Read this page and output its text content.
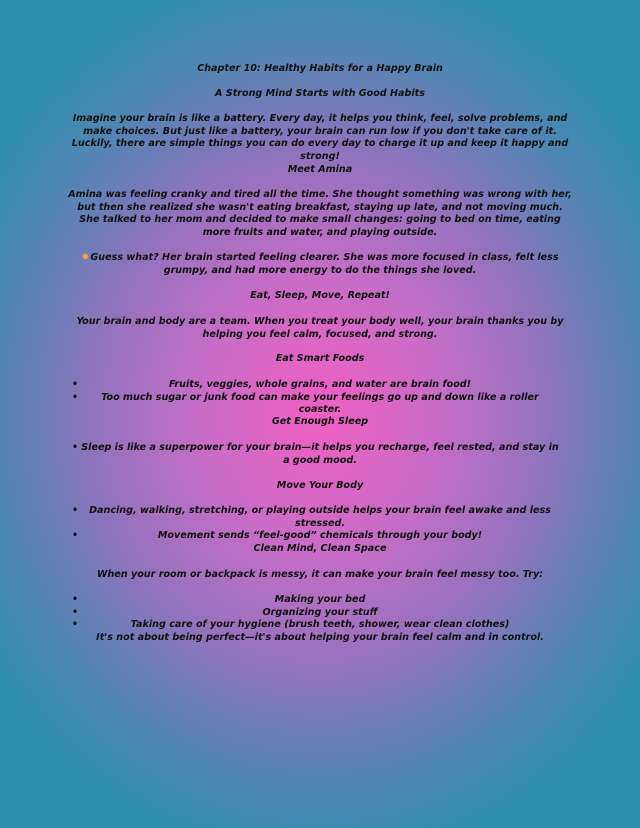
Chapter 10: Healthy Habits for a Happy Brain

A Strong Mind Starts with Good Habits

Imagine your brain is like a battery. Every day, it helps you think, feel, solve problems, and make choices. But just like a battery, your brain can run low if you don't take care of it. Luckily, there are simple things you can do every day to charge it up and keep it happy and strong!

Meet Amina

Amina was feeling cranky and tired all the time. She thought something was wrong with her, but then she realized she wasn't eating breakfast, staying up late, and not moving much. She talked to her mom and decided to make small changes: going to bed on time, eating more fruits and water, and playing outside.

✹Guess what? Her brain started feeling clearer. She was more focused in class, felt less grumpy, and had more energy to do the things she loved.

Eat, Sleep, Move, Repeat!

Your brain and body are a team. When you treat your body well, your brain thanks you by helping you feel calm, focused, and strong.

Eat Smart Foods

• Fruits, veggies, whole grains, and water are brain food!
• Too much sugar or junk food can make your feelings go up and down like a roller coaster.

Get Enough Sleep

• Sleep is like a superpower for your brain—it helps you recharge, feel rested, and stay in a good mood.

Move Your Body

• Dancing, walking, stretching, or playing outside helps your brain feel awake and less stressed.
• Movement sends “feel-good” chemicals through your body!

Clean Mind, Clean Space

When your room or backpack is messy, it can make your brain feel messy too. Try:

• Making your bed
• Organizing your stuff
• Taking care of your hygiene (brush teeth, shower, wear clean clothes)

It's not about being perfect—it's about helping your brain feel calm and in control.
